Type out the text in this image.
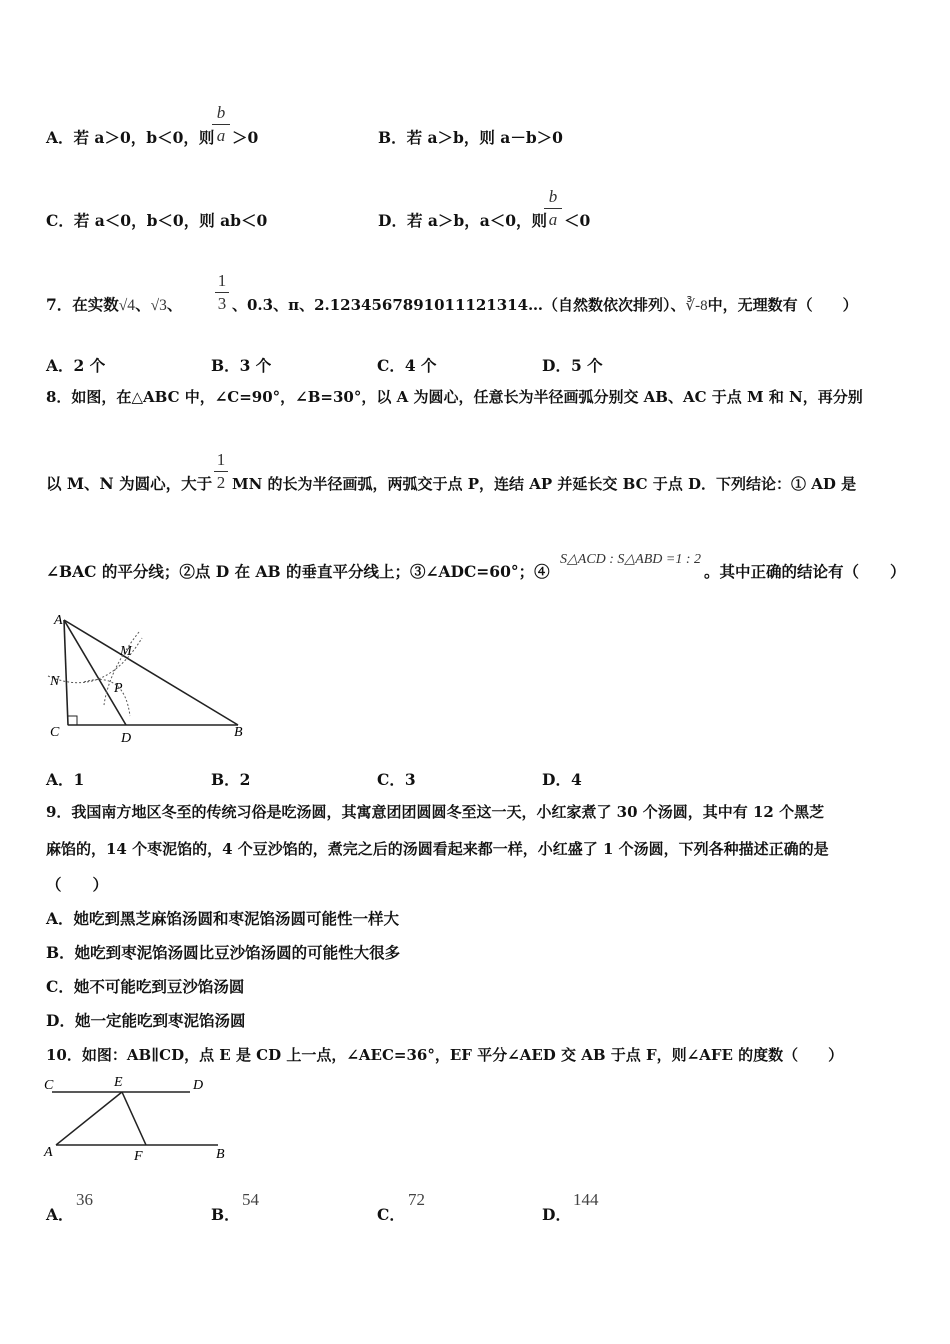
A．若 a＞0，b＜0，则
b
a ＞0	B．若 a＞b，则 a－b＞0
C．若 a＜0，b＜0，则 ab＜0	D．若 a＞b，a＜0，则
b
a ＜0
7．在实数√4、√3、
1
3 、0.3̇、π、2.1234567891011121314…（自然数依次排列）、∛-8中，无理数有（　　）
A．2 个	B．3 个	C．4 个	D．5 个
8．如图，在△ABC 中，∠C=90°，∠B=30°，以 A 为圆心，任意长为半径画弧分别交 AB、AC 于点 M 和 N，再分别
以 M、N 为圆心，大于
1
2 MN 的长为半径画弧，两弧交于点 P，连结 AP 并延长交 BC 于点 D．下列结论：① AD 是
∠BAC 的平分线；②点 D 在 AB 的垂直平分线上；③∠ADC=60°；④
S△ACD : S△ABD =1 : 2
。其中正确的结论有（　　）
A
M
N	P
C	D	B
A．1	B．2	C．3	D．4
9．我国南方地区冬至的传统习俗是吃汤圆，其寓意团团圆圆冬至这一天，小红家煮了 30 个汤圆，其中有 12 个黑芝
麻馅的，14 个枣泥馅的，4 个豆沙馅的，煮完之后的汤圆看起来都一样，小红盛了 1 个汤圆，下列各种描述正确的是
（　　）
A．她吃到黑芝麻馅汤圆和枣泥馅汤圆可能性一样大
B．她吃到枣泥馅汤圆比豆沙馅汤圆的可能性大很多
C．她不可能吃到豆沙馅汤圆
D．她一定能吃到枣泥馅汤圆
10．如图：AB∥CD，点 E 是 CD 上一点，∠AEC=36°，EF 平分∠AED 交 AB 于点 F，则∠AFE 的度数（　　）
C	E	D
A	F	B
A．
36
B．
54
C．
72
D．
144
